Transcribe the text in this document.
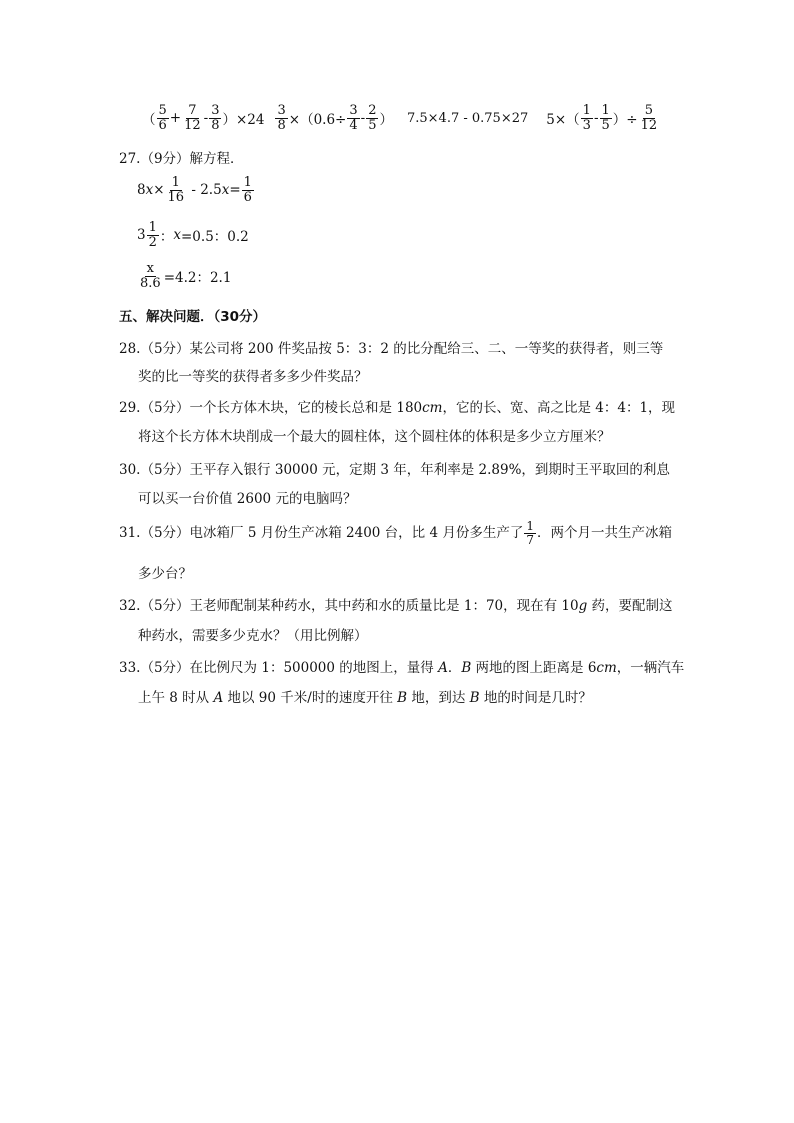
（ $\frac{5}{6} + \frac{7}{12} - \frac{3}{8} )\times 24 \frac{3}{8} \times(0.6\div \frac{3}{4} - \frac{2}{5}$ ） 7.5×4.7 - 0.75×27 $5\times( \frac{1}{3} - \frac{1}{5}$ ）÷ $\frac{5}{12}$
27.（9分）解方程．
8 $x \times \frac{1}{16} - 2.5$ $x = \frac{1}{6}$
$3 \frac{1}{2}$ ： x =0.5：0.2
$\frac{x}{8.6} =4.2$：2.1
五、解决问题．（30分）
28.（5分）某公司将 200 件奖品按 5：3：2 的比分配给三、二、一等奖的获得者，则三等
奖的比一等奖的获得者多多少件奖品？
29.（5分）一个长方体木块，它的棱长总和是 180cm，它的长、宽、高之比是 4：4：1，现
将这个长方体木块削成一个最大的圆柱体，这个圆柱体的体积是多少立方厘米？
30.（5分）王平存入银行 30000 元，定期 3 年，年利率是 2.89%，到期时王平取回的利息
可以买一台价值 2600 元的电脑吗？
31.（5分）电冰箱厂 5 月份生产冰箱 2400 台，比 4 月份多生产了 $\frac{1}{7}$ ．两个月一共生产冰箱
多少台？
32.（5分）王老师配制某种药水，其中药和水的质量比是 1：70，现在有 10g 药，要配制这
种药水，需要多少克水？（用比例解）
33.（5分）在比例尺为 1：500000 的地图上，量得 A．B 两地的图上距离是 6cm，一辆汽车
上午 8 时从 A 地以 90 千米/时的速度开往 B 地，到达 B 地的时间是几时？
